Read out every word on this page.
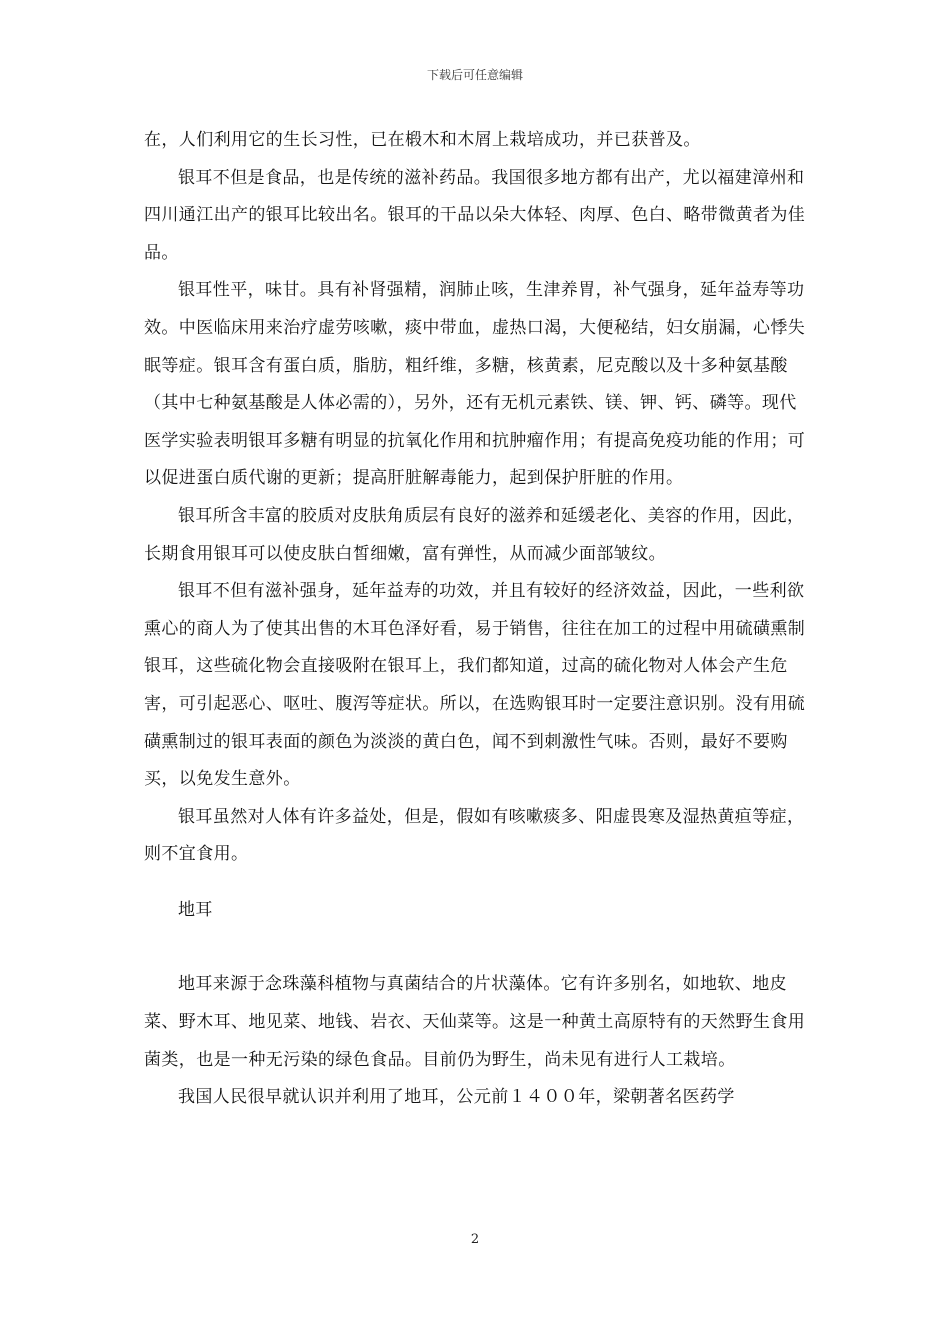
下载后可任意编辑

在，人们利用它的生长习性，已在椴木和木屑上栽培成功，并已获普及。

银耳不但是食品，也是传统的滋补药品。我国很多地方都有出产，尤以福建漳州和四川通江出产的银耳比较出名。银耳的干品以朵大体轻、肉厚、色白、略带微黄者为佳品。

银耳性平，味甘。具有补肾强精，润肺止咳，生津养胃，补气强身，延年益寿等功效。中医临床用来治疗虚劳咳嗽，痰中带血，虚热口渴，大便秘结，妇女崩漏，心悸失眠等症。银耳含有蛋白质，脂肪，粗纤维，多糖，核黄素，尼克酸以及十多种氨基酸（其中七种氨基酸是人体必需的），另外，还有无机元素铁、镁、钾、钙、磷等。现代医学实验表明银耳多糖有明显的抗氧化作用和抗肿瘤作用；有提高免疫功能的作用；可以促进蛋白质代谢的更新；提高肝脏解毒能力，起到保护肝脏的作用。

银耳所含丰富的胶质对皮肤角质层有良好的滋养和延缓老化、美容的作用，因此，长期食用银耳可以使皮肤白皙细嫩，富有弹性，从而减少面部皱纹。

银耳不但有滋补强身，延年益寿的功效，并且有较好的经济效益，因此，一些利欲熏心的商人为了使其出售的木耳色泽好看，易于销售，往往在加工的过程中用硫磺熏制银耳，这些硫化物会直接吸附在银耳上，我们都知道，过高的硫化物对人体会产生危害，可引起恶心、呕吐、腹泻等症状。所以，在选购银耳时一定要注意识别。没有用硫磺熏制过的银耳表面的颜色为淡淡的黄白色，闻不到刺激性气味。否则，最好不要购买，以免发生意外。

银耳虽然对人体有许多益处，但是，假如有咳嗽痰多、阳虚畏寒及湿热黄疸等症，则不宜食用。

地耳

地耳来源于念珠藻科植物与真菌结合的片状藻体。它有许多别名，如地软、地皮菜、野木耳、地见菜、地钱、岩衣、天仙菜等。这是一种黄土高原特有的天然野生食用菌类，也是一种无污染的绿色食品。目前仍为野生，尚未见有进行人工栽培。

我国人民很早就认识并利用了地耳，公元前１４００年，梁朝著名医药学

2
